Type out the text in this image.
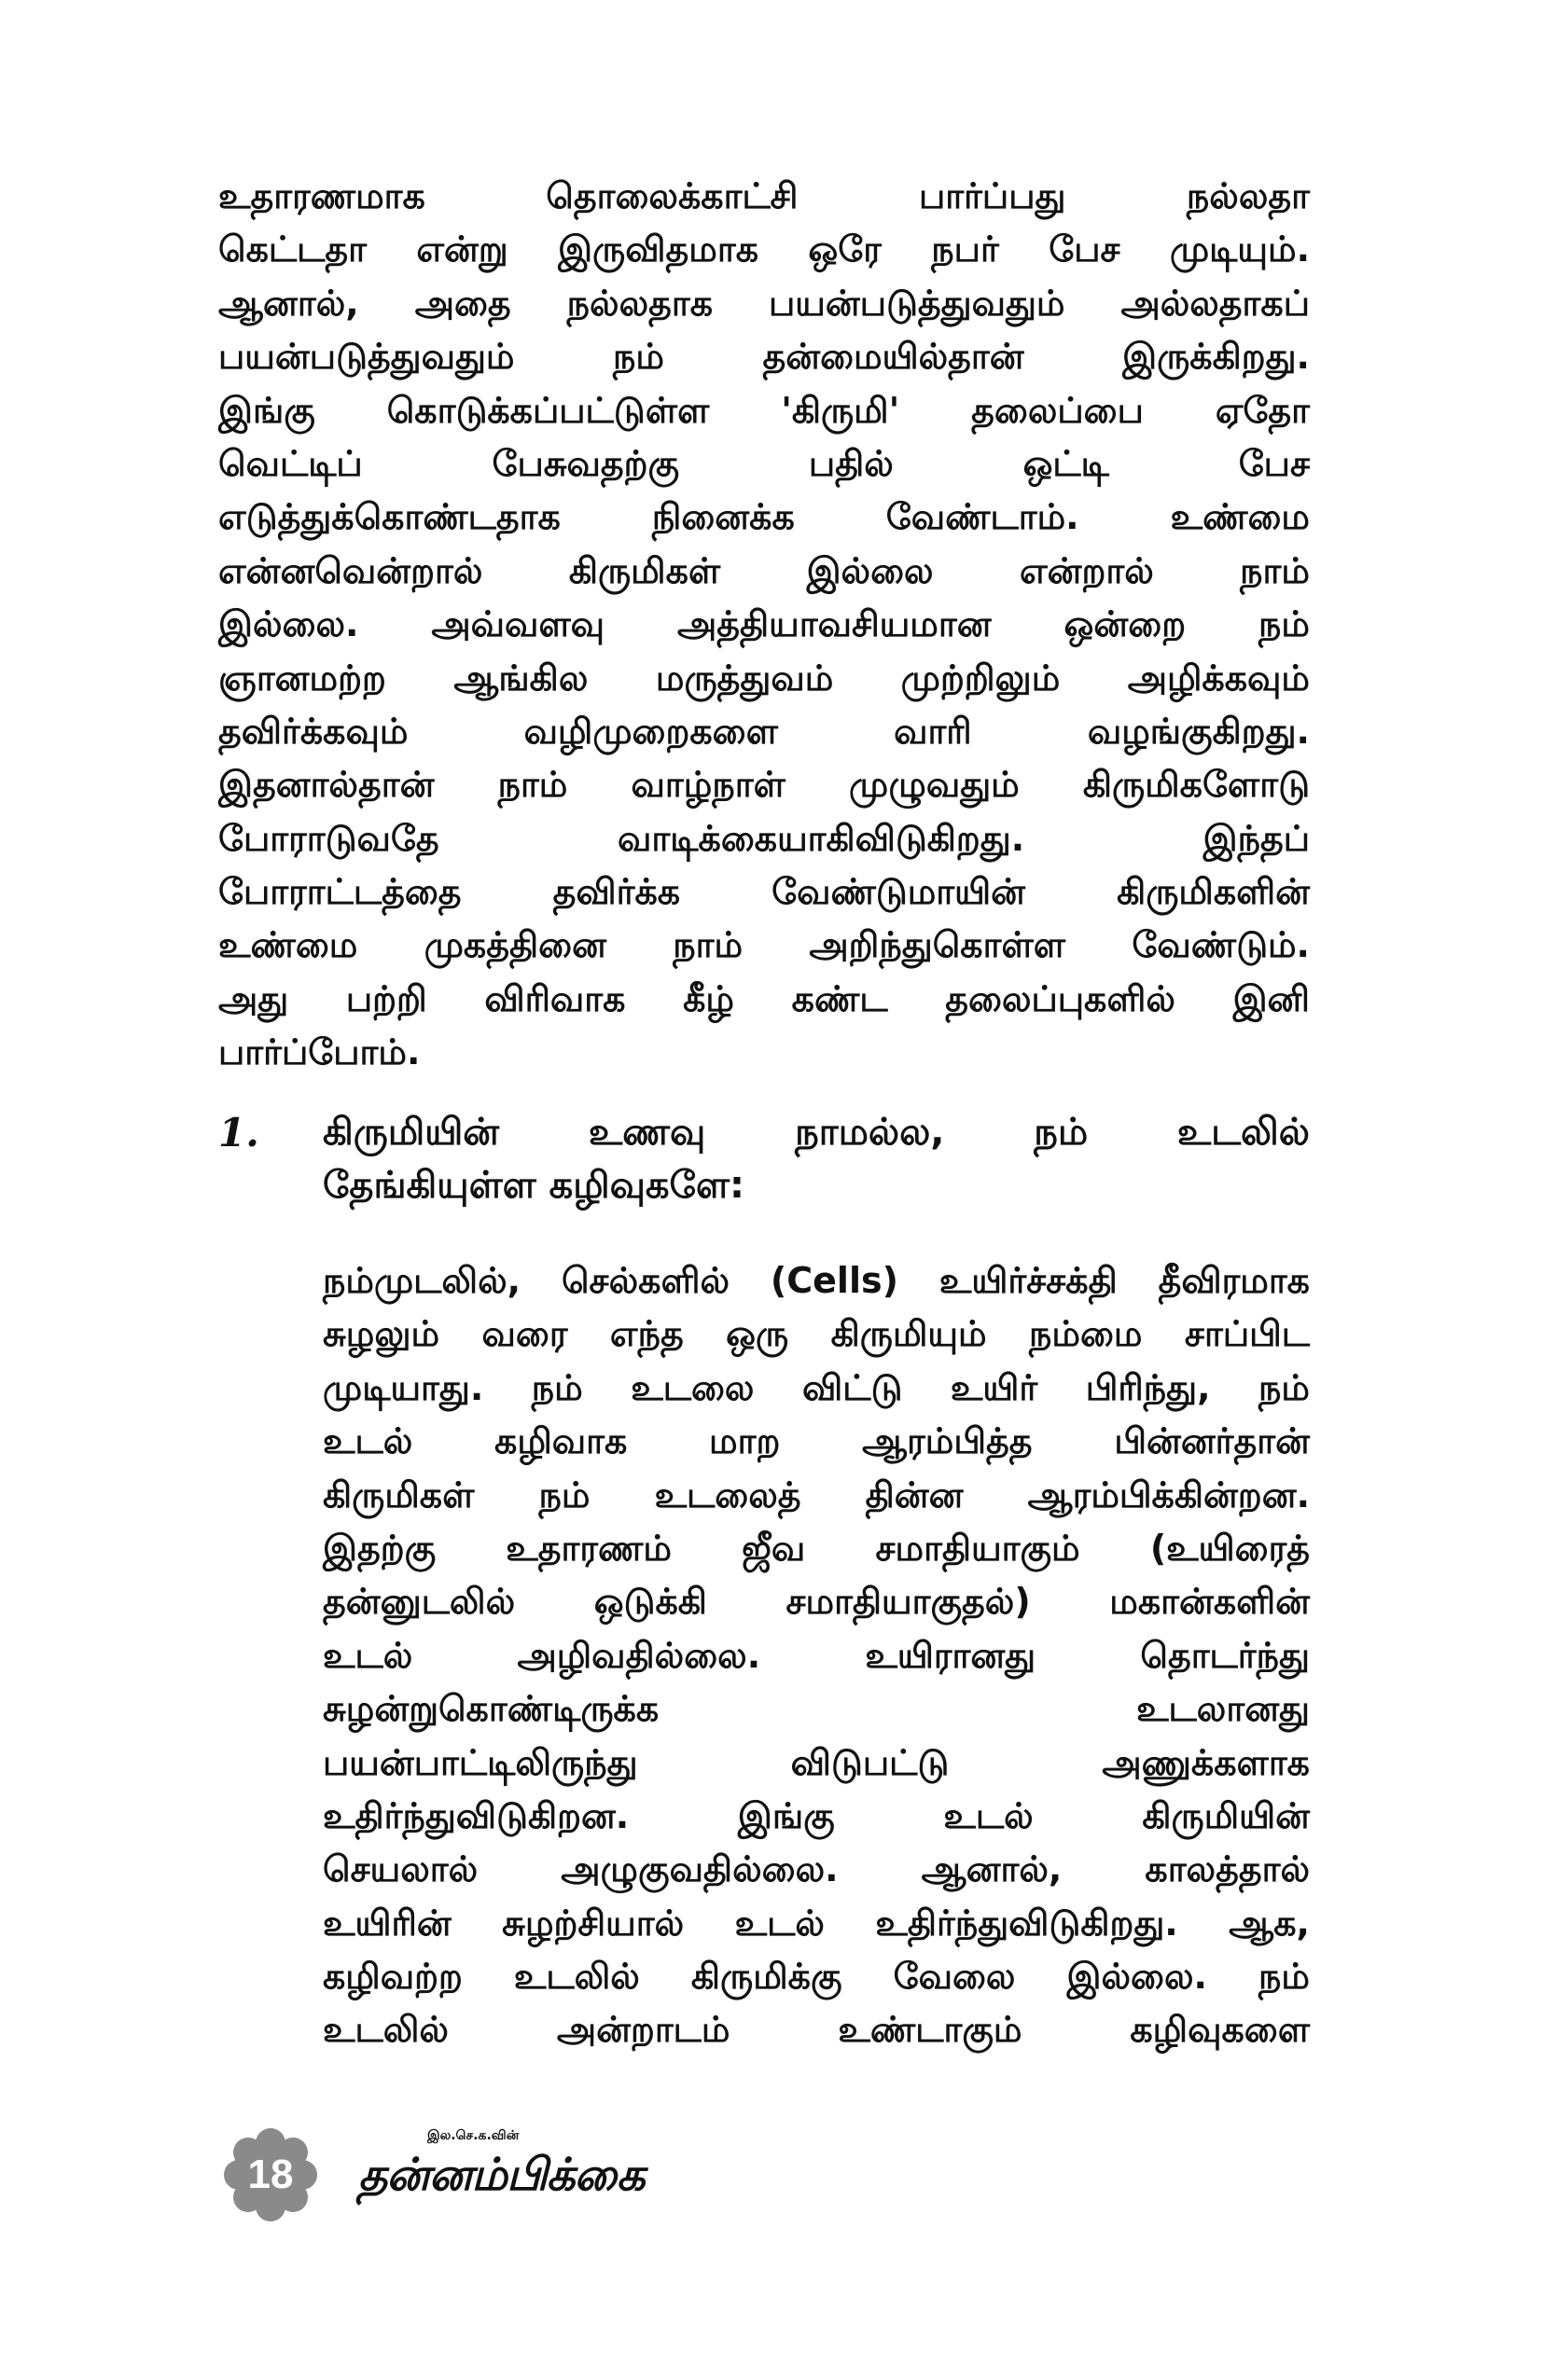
உதாரணமாக தொலைக்காட்சி பார்ப்பது நல்லதா
கெட்டதா என்று இருவிதமாக ஒரே நபர் பேச முடியும்.
ஆனால், அதை நல்லதாக பயன்படுத்துவதும் அல்லதாகப்
பயன்படுத்துவதும் நம் தன்மையில்தான் இருக்கிறது.
இங்கு கொடுக்கப்பட்டுள்ள 'கிருமி' தலைப்பை ஏதோ
வெட்டிப் பேசுவதற்கு பதில் ஒட்டி பேச
எடுத்துக்கொண்டதாக நினைக்க வேண்டாம். உண்மை
என்னவென்றால் கிருமிகள் இல்லை என்றால் நாம்
இல்லை. அவ்வளவு அத்தியாவசியமான ஒன்றை நம்
ஞானமற்ற ஆங்கில மருத்துவம் முற்றிலும் அழிக்கவும்
தவிர்க்கவும் வழிமுறைகளை வாரி வழங்குகிறது.
இதனால்தான் நாம் வாழ்நாள் முழுவதும் கிருமிகளோடு
போராடுவதே வாடிக்கையாகிவிடுகிறது. இந்தப்
போராட்டத்தை தவிர்க்க வேண்டுமாயின் கிருமிகளின்
உண்மை முகத்தினை நாம் அறிந்துகொள்ள வேண்டும்.
அது பற்றி விரிவாக கீழ் கண்ட தலைப்புகளில் இனி
பார்ப்போம்.
1. கிருமியின் உணவு நாமல்ல, நம் உடலில்
தேங்கியுள்ள கழிவுகளே:
நம்முடலில், செல்களில் (Cells) உயிர்ச்சக்தி தீவிரமாக
சுழலும் வரை எந்த ஒரு கிருமியும் நம்மை சாப்பிட
முடியாது. நம் உடலை விட்டு உயிர் பிரிந்து, நம்
உடல் கழிவாக மாற ஆரம்பித்த பின்னர்தான்
கிருமிகள் நம் உடலைத் தின்ன ஆரம்பிக்கின்றன.
இதற்கு உதாரணம் ஜீவ சமாதியாகும் (உயிரைத்
தன்னுடலில் ஒடுக்கி சமாதியாகுதல்) மகான்களின்
உடல் அழிவதில்லை. உயிரானது தொடர்ந்து
சுழன்றுகொண்டிருக்க உடலானது
பயன்பாட்டிலிருந்து விடுபட்டு அணுக்களாக
உதிர்ந்துவிடுகிறன. இங்கு உடல் கிருமியின்
செயலால் அழுகுவதில்லை. ஆனால், காலத்தால்
உயிரின் சுழற்சியால் உடல் உதிர்ந்துவிடுகிறது. ஆக,
கழிவற்ற உடலில் கிருமிக்கு வேலை இல்லை. நம்
உடலில் அன்றாடம் உண்டாகும் கழிவுகளை
18
இல.செ.க.வின்
தன்னம்பிக்கை
